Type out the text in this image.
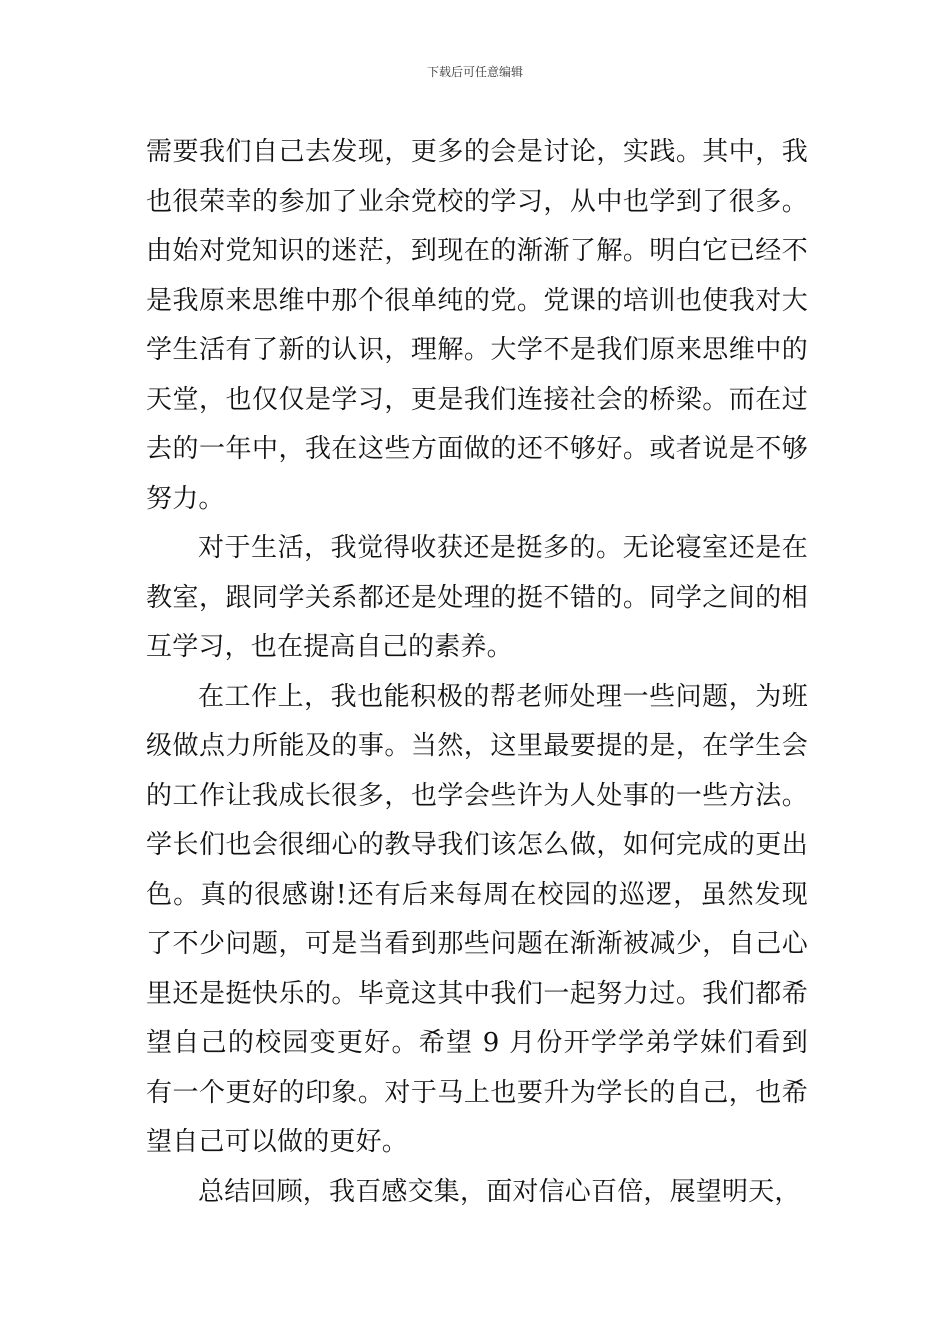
下载后可任意编辑

需要我们自己去发现，更多的会是讨论，实践。其中，我也很荣幸的参加了业余党校的学习，从中也学到了很多。由始对党知识的迷茫，到现在的渐渐了解。明白它已经不是我原来思维中那个很单纯的党。党课的培训也使我对大学生活有了新的认识，理解。大学不是我们原来思维中的天堂，也仅仅是学习，更是我们连接社会的桥梁。而在过去的一年中，我在这些方面做的还不够好。或者说是不够努力。

对于生活，我觉得收获还是挺多的。无论寝室还是在教室，跟同学关系都还是处理的挺不错的。同学之间的相互学习，也在提高自己的素养。

在工作上，我也能积极的帮老师处理一些问题，为班级做点力所能及的事。当然，这里最要提的是，在学生会的工作让我成长很多，也学会些许为人处事的一些方法。学长们也会很细心的教导我们该怎么做，如何完成的更出色。真的很感谢!还有后来每周在校园的巡逻，虽然发现了不少问题，可是当看到那些问题在渐渐被减少，自己心里还是挺快乐的。毕竟这其中我们一起努力过。我们都希望自己的校园变更好。希望 9 月份开学学弟学妹们看到有一个更好的印象。对于马上也要升为学长的自己，也希望自己可以做的更好。

总结回顾，我百感交集，面对信心百倍，展望明天，
